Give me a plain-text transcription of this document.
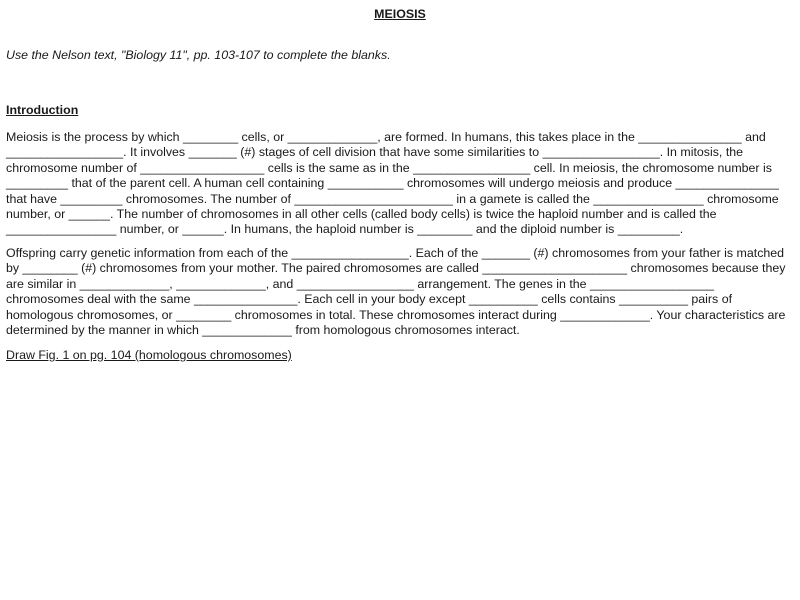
MEIOSIS
Use the Nelson text, "Biology 11", pp. 103-107 to complete the blanks.
Introduction
Meiosis is the process by which ________ cells, or _____________, are formed. In humans, this takes place in the _______________ and
_________________. It involves _______ (#) stages of cell division that have some similarities to _________________. In mitosis, the
chromosome number of __________________ cells is the same as in the _________________ cell. In meiosis, the chromosome number is
_________ that of the parent cell. A human cell containing ___________ chromosomes will undergo meiosis and produce _______________
that have _________ chromosomes. The number of _______________________ in a gamete is called the ________________ chromosome
number, or ______. The number of chromosomes in all other cells (called body cells) is twice the haploid number and is called the
________________ number, or ______. In humans, the haploid number is ________ and the diploid number is _________.
Offspring carry genetic information from each of the _________________. Each of the _______ (#) chromosomes from your father is matched
by ________ (#) chromosomes from your mother. The paired chromosomes are called _____________________ chromosomes because they
are similar in _____________, _____________, and _________________ arrangement. The genes in the __________________
chromosomes deal with the same _______________. Each cell in your body except __________ cells contains __________ pairs of
homologous chromosomes, or ________ chromosomes in total. These chromosomes interact during _____________. Your characteristics are
determined by the manner in which _____________ from homologous chromosomes interact.
Draw Fig. 1 on pg. 104 (homologous chromosomes)
